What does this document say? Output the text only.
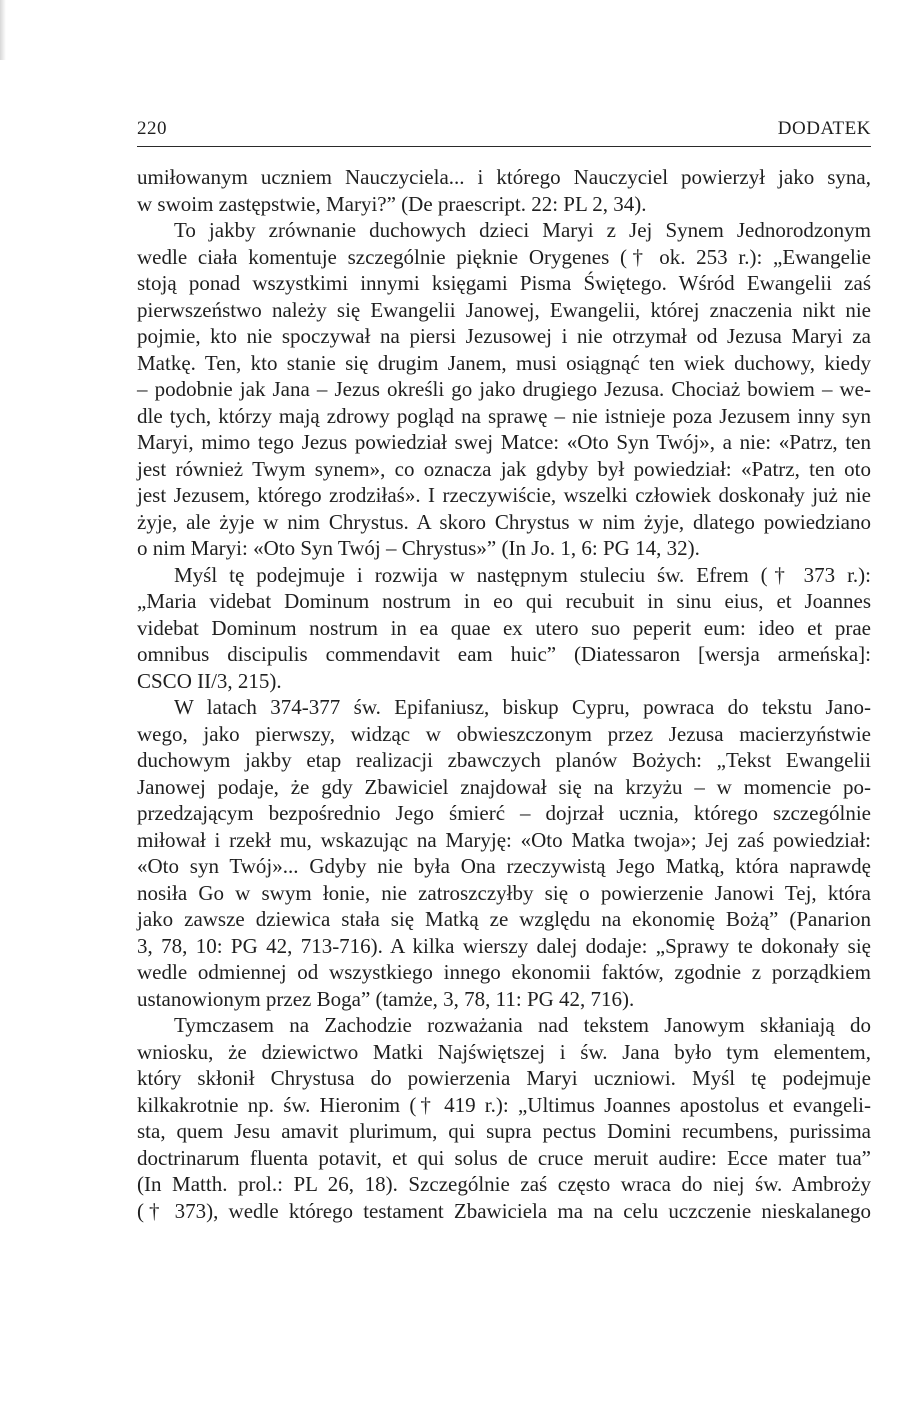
220	DODATEK

umiłowanym uczniem Nauczyciela... i którego Nauczyciel powierzył jako syna,

w swoim zastępstwie, Maryi?” (De praescript. 22: PL 2, 34).

To jakby zrównanie duchowych dzieci Maryi z Jej Synem Jednorodzonym

wedle ciała komentuje szczególnie pięknie Orygenes († ok. 253 r.): „Ewangelie

stoją ponad wszystkimi innymi księgami Pisma Świętego. Wśród Ewangelii zaś

pierwszeństwo należy się Ewangelii Janowej, Ewangelii, której znaczenia nikt nie

pojmie, kto nie spoczywał na piersi Jezusowej i nie otrzymał od Jezusa Maryi za

Matkę. Ten, kto stanie się drugim Janem, musi osiągnąć ten wiek duchowy, kiedy

– podobnie jak Jana – Jezus określi go jako drugiego Jezusa. Chociaż bowiem – we-

dle tych, którzy mają zdrowy pogląd na sprawę – nie istnieje poza Jezusem inny syn

Maryi, mimo tego Jezus powiedział swej Matce: «Oto Syn Twój», a nie: «Patrz, ten

jest również Twym synem», co oznacza jak gdyby był powiedział: «Patrz, ten oto

jest Jezusem, którego zrodziłaś». I rzeczywiście, wszelki człowiek doskonały już nie

żyje, ale żyje w nim Chrystus. A skoro Chrystus w nim żyje, dlatego powiedziano

o nim Maryi: «Oto Syn Twój – Chrystus»” (In Jo. 1, 6: PG 14, 32).

Myśl tę podejmuje i rozwija w następnym stuleciu św. Efrem († 373 r.):

„Maria videbat Dominum nostrum in eo qui recubuit in sinu eius, et Joannes

videbat Dominum nostrum in ea quae ex utero suo peperit eum: ideo et prae

omnibus discipulis commendavit eam huic” (Diatessaron [wersja armeńska]:

CSCO II/3, 215).

W latach 374-377 św. Epifaniusz, biskup Cypru, powraca do tekstu Jano-

wego, jako pierwszy, widząc w obwieszczonym przez Jezusa macierzyństwie

duchowym jakby etap realizacji zbawczych planów Bożych: „Tekst Ewangelii

Janowej podaje, że gdy Zbawiciel znajdował się na krzyżu – w momencie po-

przedzającym bezpośrednio Jego śmierć – dojrzał ucznia, którego szczególnie

miłował i rzekł mu, wskazując na Maryję: «Oto Matka twoja»; Jej zaś powiedział:

«Oto syn Twój»... Gdyby nie była Ona rzeczywistą Jego Matką, która naprawdę

nosiła Go w swym łonie, nie zatroszczyłby się o powierzenie Janowi Tej, która

jako zawsze dziewica stała się Matką ze względu na ekonomię Bożą” (Panarion

3, 78, 10: PG 42, 713-716). A kilka wierszy dalej dodaje: „Sprawy te dokonały się

wedle odmiennej od wszystkiego innego ekonomii faktów, zgodnie z porządkiem

ustanowionym przez Boga” (tamże, 3, 78, 11: PG 42, 716).

Tymczasem na Zachodzie rozważania nad tekstem Janowym skłaniają do

wniosku, że dziewictwo Matki Najświętszej i św. Jana było tym elementem,

który skłonił Chrystusa do powierzenia Maryi uczniowi. Myśl tę podejmuje

kilkakrotnie np. św. Hieronim († 419 r.): „Ultimus Joannes apostolus et evangeli-

sta, quem Jesu amavit plurimum, qui supra pectus Domini recumbens, purissima

doctrinarum fluenta potavit, et qui solus de cruce meruit audire: Ecce mater tua”

(In Matth. prol.: PL 26, 18). Szczególnie zaś często wraca do niej św. Ambroży

(† 373), wedle którego testament Zbawiciela ma na celu uczczenie nieskalanego
